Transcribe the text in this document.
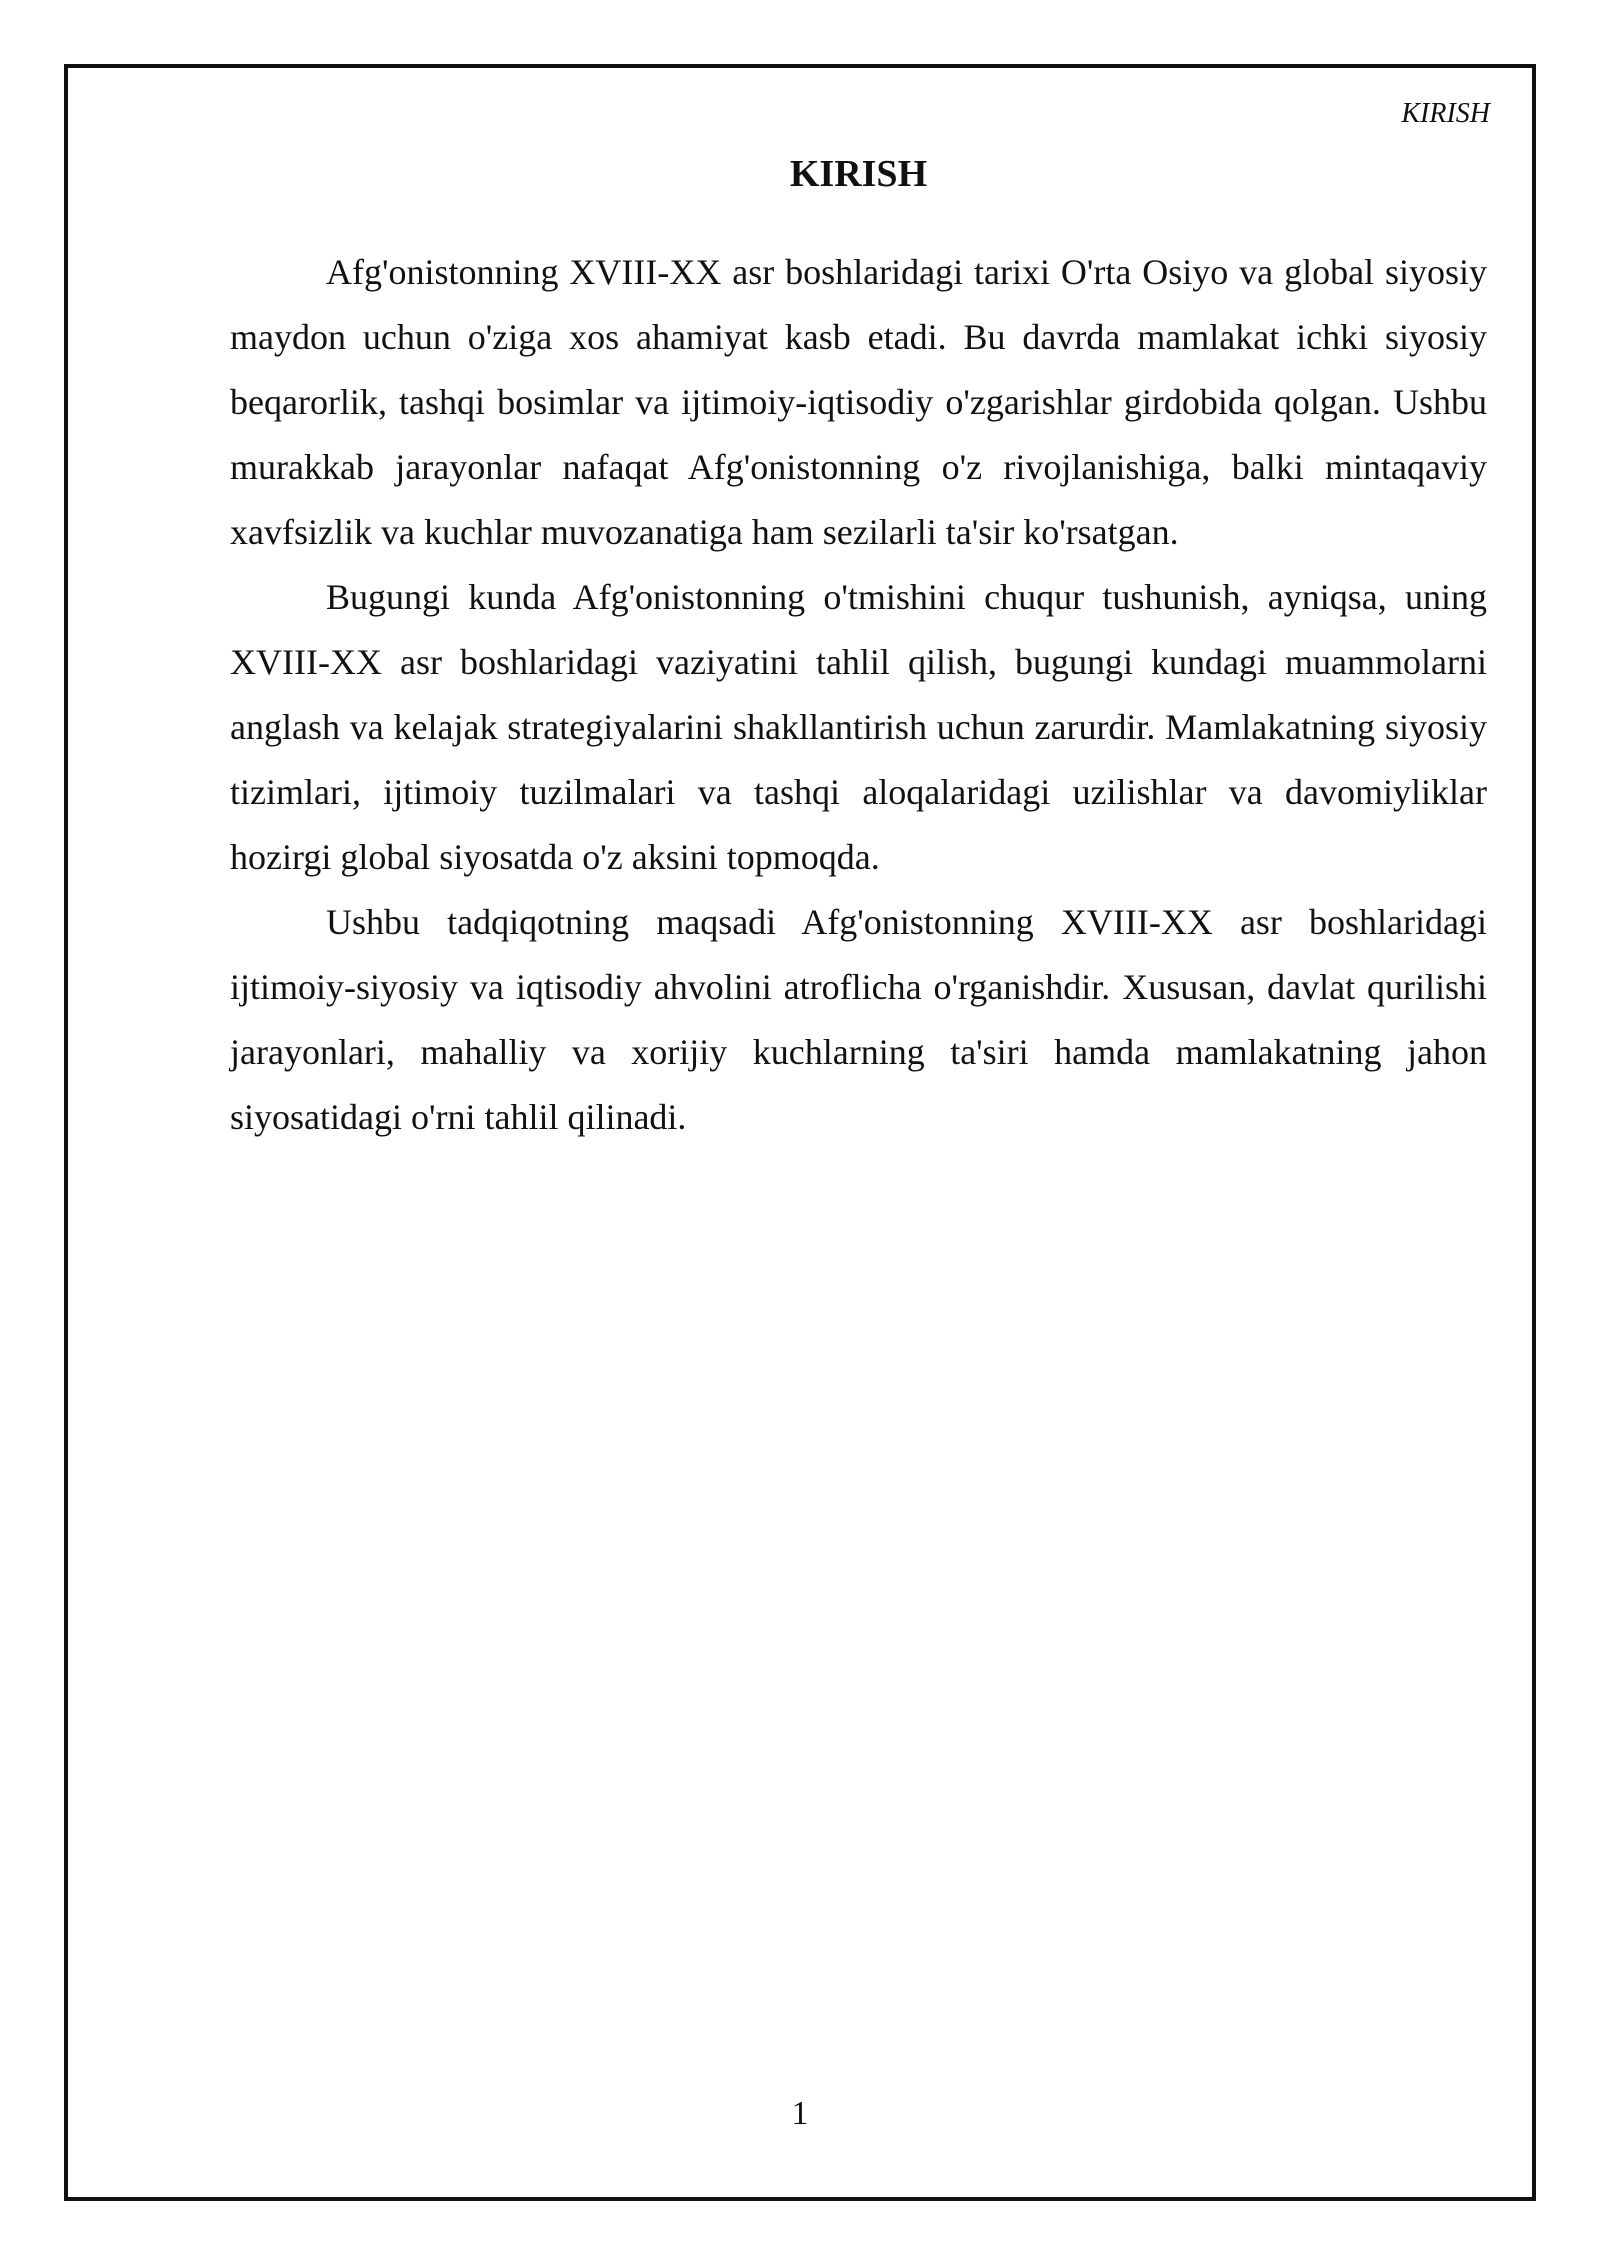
KIRISH
KIRISH

Afg'onistonning XVIII-XX asr boshlaridagi tarixi O'rta Osiyo va global siyosiy maydon uchun o'ziga xos ahamiyat kasb etadi. Bu davrda mamlakat ichki siyosiy beqarorlik, tashqi bosimlar va ijtimoiy-iqtisodiy o'zgarishlar girdobida qolgan. Ushbu murakkab jarayonlar nafaqat Afg'onistonning o'z rivojlanishiga, balki mintaqaviy xavfsizlik va kuchlar muvozanatiga ham sezilarli ta'sir ko'rsatgan.

Bugungi kunda Afg'onistonning o'tmishini chuqur tushunish, ayniqsa, uning XVIII-XX asr boshlaridagi vaziyatini tahlil qilish, bugungi kundagi muammolarni anglash va kelajak strategiyalarini shakllantirish uchun zarurdir. Mamlakatning siyosiy tizimlari, ijtimoiy tuzilmalari va tashqi aloqalaridagi uzilishlar va davomiyliklar hozirgi global siyosatda o'z aksini topmoqda.

Ushbu tadqiqotning maqsadi Afg'onistonning XVIII-XX asr boshlaridagi ijtimoiy-siyosiy va iqtisodiy ahvolini atroflicha o'rganishdir. Xususan, davlat qurilishi jarayonlari, mahalliy va xorijiy kuchlarning ta'siri hamda mamlakatning jahon siyosatidagi o'rni tahlil qilinadi.

1
